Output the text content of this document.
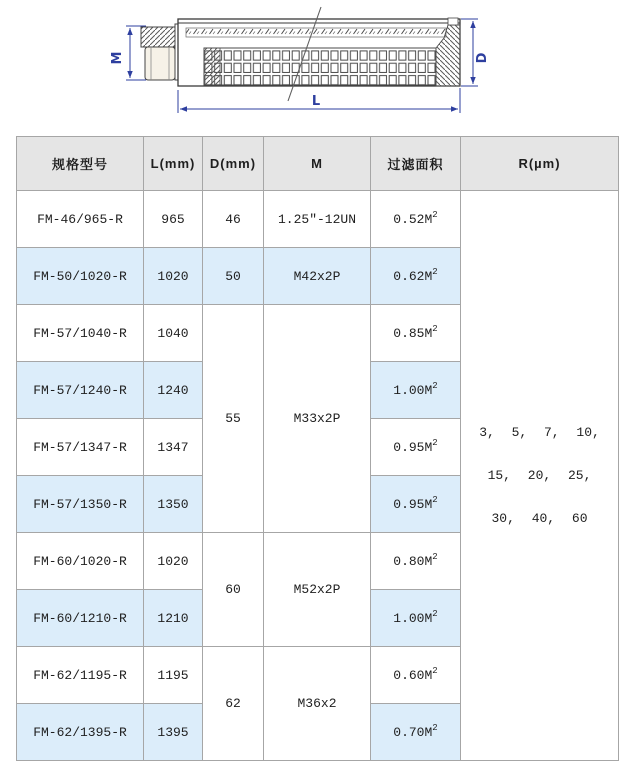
M	D
L
规格型号	L(mm)	D(mm)	M	过滤面积	R(µm)
FM-46/965-R	965	46	1.25"-12UN	$0.52M^2$	3, 5, 7, 10,
15, 20, 25,
30, 40, 60

FM-50/1020-R	1020	50	M42x2P	$0.62M^2$
FM-57/1040-R	1040	55	M33x2P	$0.85M^2$
FM-57/1240-R	1240			$1.00M^2$
FM-57/1347-R	1347			$0.95M^2$
FM-57/1350-R	1350			$0.95M^2$
FM-60/1020-R	1020	60	M52x2P	$0.80M^2$
FM-60/1210-R	1210			$1.00M^2$
FM-62/1195-R	1195	62	M36x2	$0.60M^2$
FM-62/1395-R	1395			$0.70M^2$
